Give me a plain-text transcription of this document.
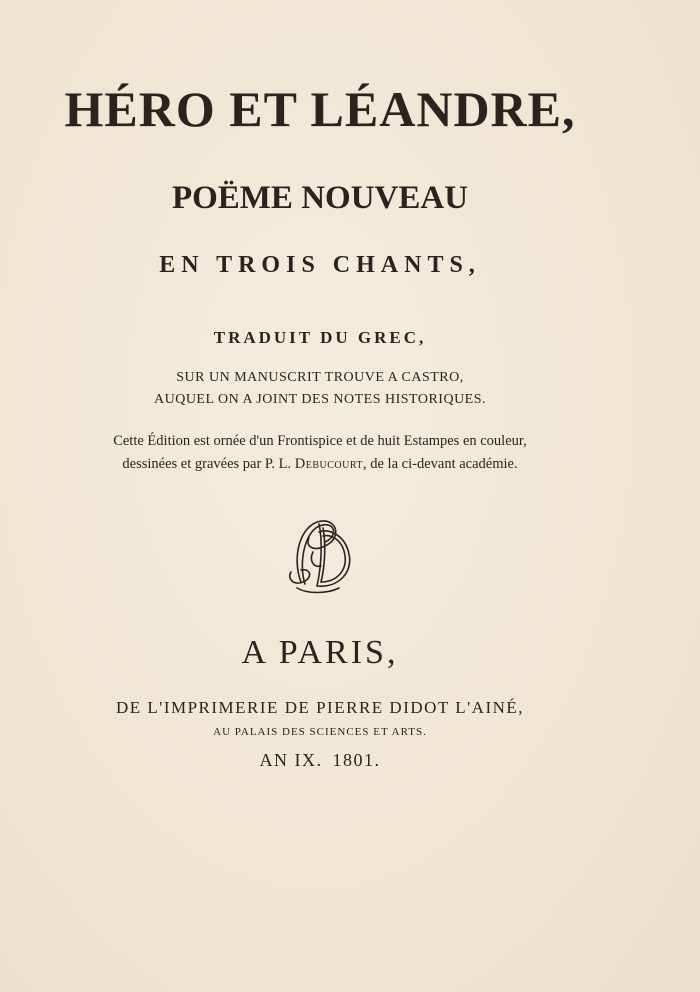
HÉRO ET LÉANDRE,
POËME NOUVEAU
EN TROIS CHANTS,
TRADUIT DU GREC,
SUR UN MANUSCRIT TROUVE A CASTRO,
AUQUEL ON A JOINT DES NOTES HISTORIQUES.
Cette Édition est ornée d'un Frontispice et de huit Estampes en couleur,
dessinées et gravées par P. L. Debucourt, de la ci-devant académie.
A PARIS,
DE L'IMPRIMERIE DE PIERRE DIDOT L'AINÉ,
AU PALAIS DES SCIENCES ET ARTS.
AN IX. 1801.
